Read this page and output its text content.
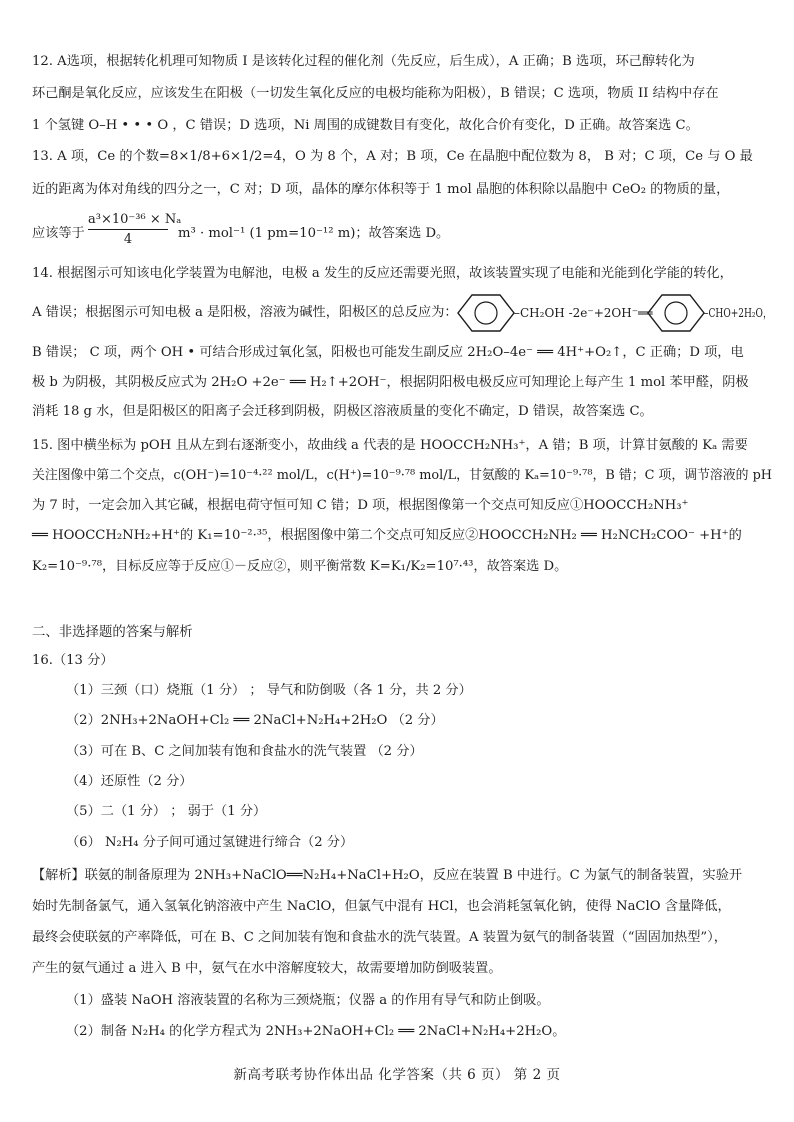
12. A选项，根据转化机理可知物质 I 是该转化过程的催化剂（先反应，后生成），A 正确；B 选项，环己醇转化为
环己酮是氧化反应，应该发生在阳极（一切发生氧化反应的电极均能称为阳极），B 错误；C 选项，物质 II 结构中存在
1 个氢键 O–H • • • O ，C 错误；D 选项，Ni 周围的成键数目有变化，故化合价有变化，D 正确。故答案选 C。
13. A 项，Ce 的个数=8×1/8+6×1/2=4，O 为 8 个，A 对；B 项，Ce 在晶胞中配位数为 8， B 对；C 项，Ce 与 O 最
近的距离为体对角线的四分之一，C 对；D 项，晶体的摩尔体积等于 1 mol 晶胞的体积除以晶胞中 CeO₂ 的物质的量，
应该等于 $\frac{\text{a³×10⁻³⁶ × Nₐ}}{4} m^3 \cdot mol^{-1}$ (1 pm=10⁻¹² m)；故答案选 D。
14. 根据图示可知该电化学装置为电解池，电极 a 发生的反应还需要光照，故该装置实现了电能和光能到化学能的转化，
A 错误；根据图示可知电极 a 是阳极，溶液为碱性，阳极区的总反应为：	–CH₂OH -2e⁻+2OH⁻══	–CHO+2H₂O，
B 错误； C 项，两个 OH • 可结合形成过氧化氢，阳极也可能发生副反应 2H₂O–4e⁻ ══ 4H⁺+O₂↑，C 正确；D 项，电
极 b 为阴极，其阴极反应式为 2H₂O +2e⁻ ══ H₂↑+2OH⁻，根据阴阳极电极反应可知理论上每产生 1 mol 苯甲醛，阴极
消耗 18 g 水，但是阳极区的阳离子会迁移到阴极，阴极区溶液质量的变化不确定，D 错误，故答案选 C。
15. 图中横坐标为 pOH 且从左到右逐渐变小，故曲线 a 代表的是 HOOCCH₂NH₃⁺，A 错；B 项，计算甘氨酸的 Kₐ 需要
关注图像中第二个交点，c(OH⁻)=10⁻⁴·²² mol/L，c(H⁺)=10⁻⁹·⁷⁸ mol/L，甘氨酸的 Kₐ=10⁻⁹·⁷⁸，B 错；C 项，调节溶液的 pH
为 7 时，一定会加入其它碱，根据电荷守恒可知 C 错；D 项，根据图像第一个交点可知反应①HOOCCH₂NH₃⁺
══ HOOCCH₂NH₂+H⁺的 K₁=10⁻²·³⁵，根据图像中第二个交点可知反应②HOOCCH₂NH₂ ══ H₂NCH₂COO⁻ +H⁺的
K₂=10⁻⁹·⁷⁸，目标反应等于反应①－反应②，则平衡常数 K=K₁/K₂=10⁷·⁴³，故答案选 D。
二、非选择题的答案与解析
16.（13 分）
（1）三颈（口）烧瓶（1 分） ； 导气和防倒吸（各 1 分，共 2 分）
（2）2NH₃+2NaOH+Cl₂ ══ 2NaCl+N₂H₄+2H₂O （2 分）
（3）可在 B、C 之间加装有饱和食盐水的洗气装置 （2 分）
（4）还原性（2 分）
（5）二（1 分） ； 弱于（1 分）
（6） N₂H₄ 分子间可通过氢键进行缔合（2 分）
【解析】联氨的制备原理为 2NH₃+NaClO══N₂H₄+NaCl+H₂O，反应在装置 B 中进行。C 为氯气的制备装置，实验开
始时先制备氯气，通入氢氧化钠溶液中产生 NaClO，但氯气中混有 HCl，也会消耗氢氧化钠，使得 NaClO 含量降低，
最终会使联氨的产率降低，可在 B、C 之间加装有饱和食盐水的洗气装置。A 装置为氨气的制备装置（“固固加热型”），
产生的氨气通过 a 进入 B 中，氨气在水中溶解度较大，故需要增加防倒吸装置。
（1）盛装 NaOH 溶液装置的名称为三颈烧瓶；仪器 a 的作用有导气和防止倒吸。
（2）制备 N₂H₄ 的化学方程式为 2NH₃+2NaOH+Cl₂ ══ 2NaCl+N₂H₄+2H₂O。
新高考联考协作体出品 化学答案（共 6 页） 第 2 页
